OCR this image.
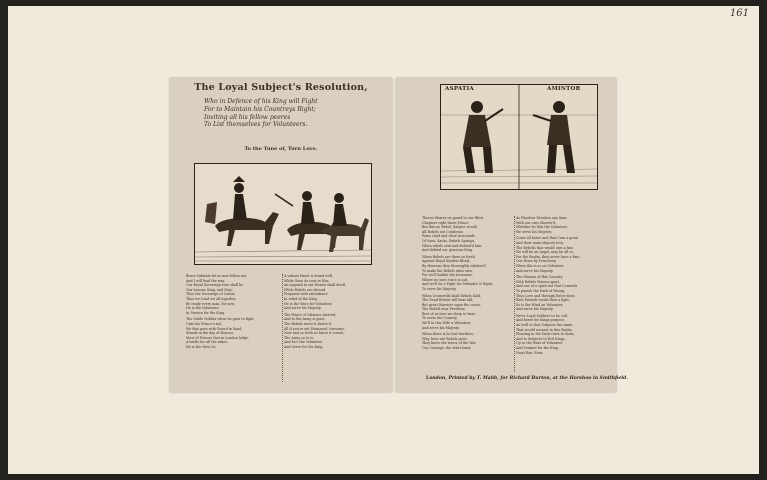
161
The Loyal Subject's Resolution,
Who in Defence of his King will Fight
For to Maintain his Countreys Right;
Inviting all his fellow peeres
To List themselves for Volunteers.
To the Tune of, Turn Love.
Brave Gallants let us now follow me,
And I will lead the way,
Our Royal Sovereign ever shall be
Our honour, King, and Stay:
Thus the Sovereign of Cæsar,
Thus we Lead we all together,
Be ready every man, for now,
He is the Volunteer,
In Service for the King.
The Noble Soldier when he goes to fight,
Unto his Prince's aid,
We that goes with Sword in hand,
Stands in the day of Honour,
Most of Princes that in London lodge,
A battle for all the sakes,
He is the West &c.
A valiant Heart is found well,
While Guns do roar in War,
An anguish in our Hearts shall dwell,
While Rebels are abroad,
Prepared with attendance,
In relief of the King,
He is the Wors for Volunteer,
And serve his Majesty.
The Prince of Valiance Arrived,
And to the Army is gone,
The Rebels never it desire'd,
All if you're not Dismayed, tiresome,
Now and so forth as brave it comes,
The Army so to it,
And he's the Volunteer,
And Serve for the King.
ASPATIA	AMINTOR
Theres Warres on guard to our Blest,
Chapters right there Prince,
But this no Rebel, Subject would
All Rebels out Conforme,
Pains chief and chief surrounds
Of Sons, Sacks, Rebels Springs,
When rebels sent and defend'd him,
And defend our gracious King.
When Rebels are there so fresh
Against Royal Kindest Blood,
By Heavens they thoroughly subdue'd
To make the Rebels slain own,
For we'll bulder the Invasions,
Where no ones voice is sad,
And we'll be a Fight for Defender & Right,
To serve his Majesty.
When Cromwells shall Rebels hold,
The Dead Rebels will bear fall,
But great Warriors upon the cause,
The Rebell near Freedom,
Best of us love we sleep to bear.
To serve the Country,
We'll in this Wife a Volunteer,
And serve his Majesty.
When there is be but Worthies,
Why, here are Rebels grow,
They knew the terror of the War,
Our Courage, the other band.
As Phoebus Wonders any time,
With our own Shower'd,
Whether he Was the Volunteer,
We serve his Majesty.
Come all brave and that Cum a great
And their main Majesty love,
The Rebells that would own a fine,
We will be an Angel, may be all so,
For the Realm, they never have a fine,
Our Fears by Treachery,
When this is so on Volunteer
And serve his Majesty.
The Mission of this Country,
With Rebels thrown apart,
And one of a spirit not that Counsels
To punish the Dark of Wrong,
Thus Love and through Enter done,
Rich Friends would then a fight,
So is the Wind on Volunteer,
And serve his Majesty.
We're Loyal Soldiers to be call,
And brave for Kings purpose,
As well as that Subjects the same,
That would soonest in this Realm,
Pleasing in the Dark Ones to them,
And to Subjects to Evil Kings,
Up to the Wars of Volunteer
And Venture for the King.
Viuat Rex. Finis.
London, Printed by T. Mabb, for Richard Burton, at the Horshoo in Smithfield.
